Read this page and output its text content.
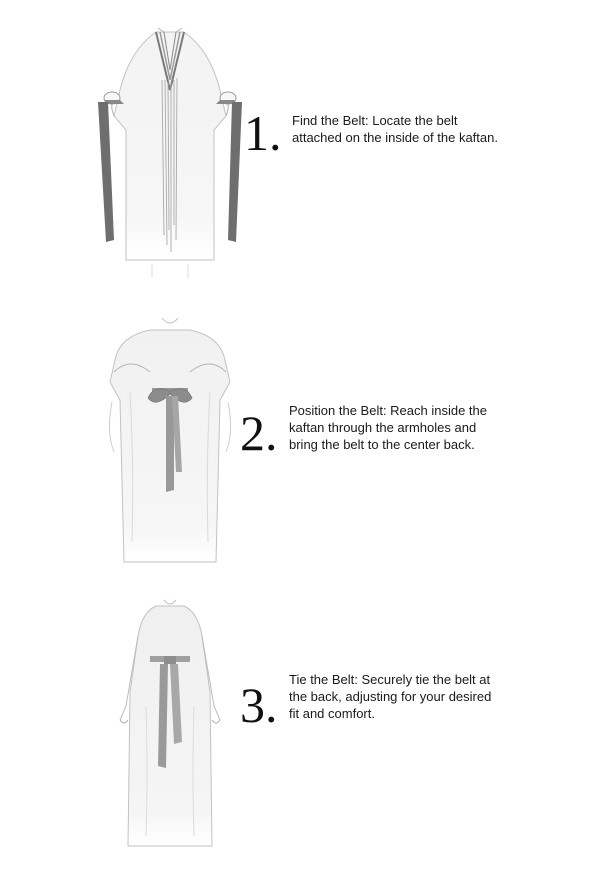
1. Find the Belt: Locate the belt attached on the inside of the kaftan.
2. Position the Belt: Reach inside the kaftan through the armholes and bring the belt to the center back.
3. Tie the Belt: Securely tie the belt at the back, adjusting for your desired fit and comfort.
